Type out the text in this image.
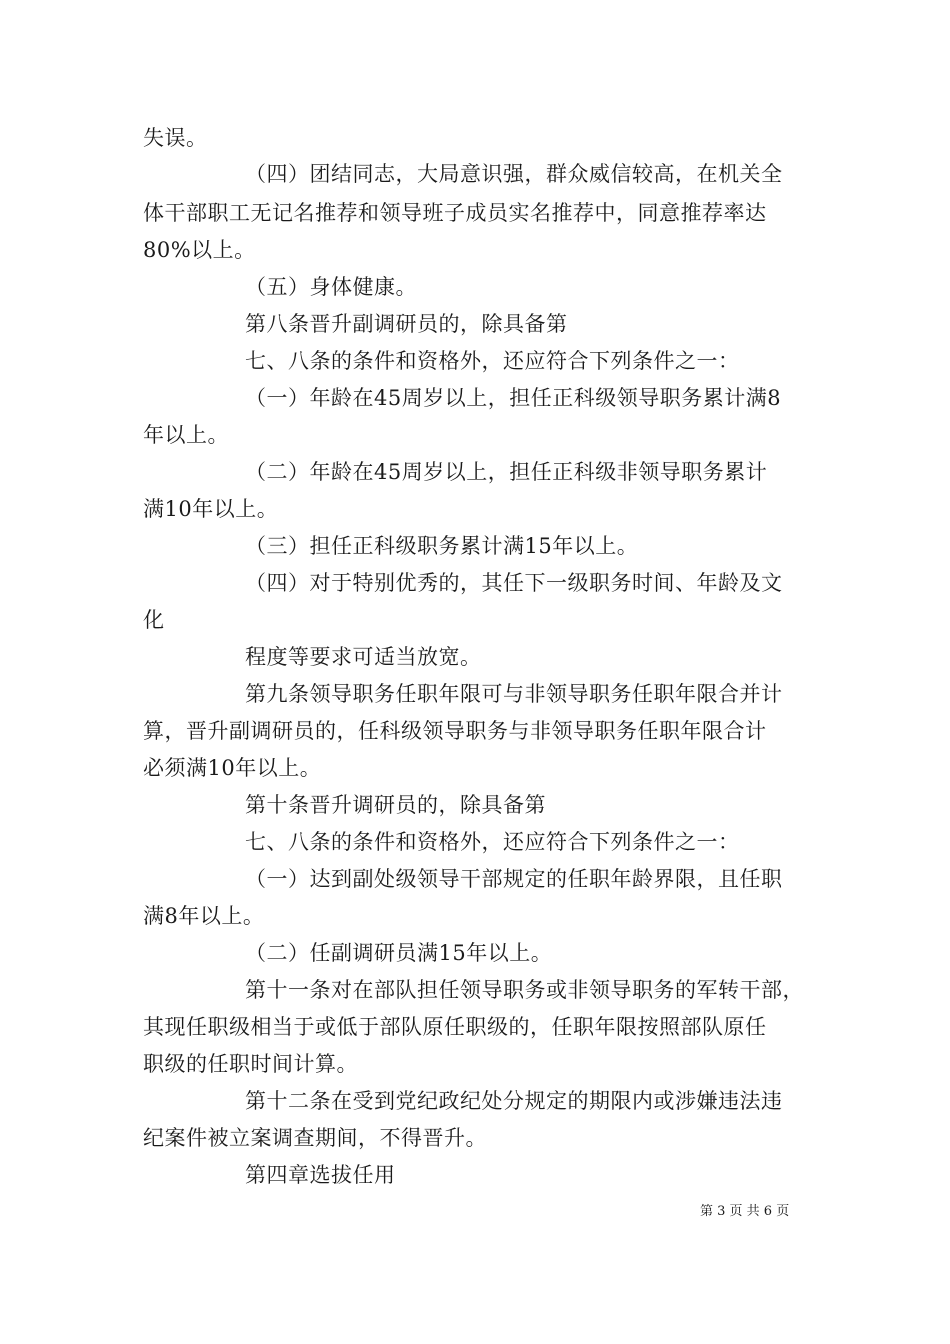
失误。
（四）团结同志，大局意识强，群众威信较高，在机关全
体干部职工无记名推荐和领导班子成员实名推荐中，同意推荐率达
80%以上。
（五）身体健康。
第八条晋升副调研员的，除具备第
七、八条的条件和资格外，还应符合下列条件之一：
（一）年龄在45周岁以上，担任正科级领导职务累计满8
年以上。
（二）年龄在45周岁以上，担任正科级非领导职务累计
满10年以上。
（三）担任正科级职务累计满15年以上。
（四）对于特别优秀的，其任下一级职务时间、年龄及文
化
程度等要求可适当放宽。
第九条领导职务任职年限可与非领导职务任职年限合并计
算，晋升副调研员的，任科级领导职务与非领导职务任职年限合计
必须满10年以上。
第十条晋升调研员的，除具备第
七、八条的条件和资格外，还应符合下列条件之一：
（一）达到副处级领导干部规定的任职年龄界限，且任职
满8年以上。
（二）任副调研员满15年以上。
第十一条对在部队担任领导职务或非领导职务的军转干部，
其现任职级相当于或低于部队原任职级的，任职年限按照部队原任
职级的任职时间计算。
第十二条在受到党纪政纪处分规定的期限内或涉嫌违法违
纪案件被立案调查期间，不得晋升。
第四章选拔任用
第 3 页 共 6 页
